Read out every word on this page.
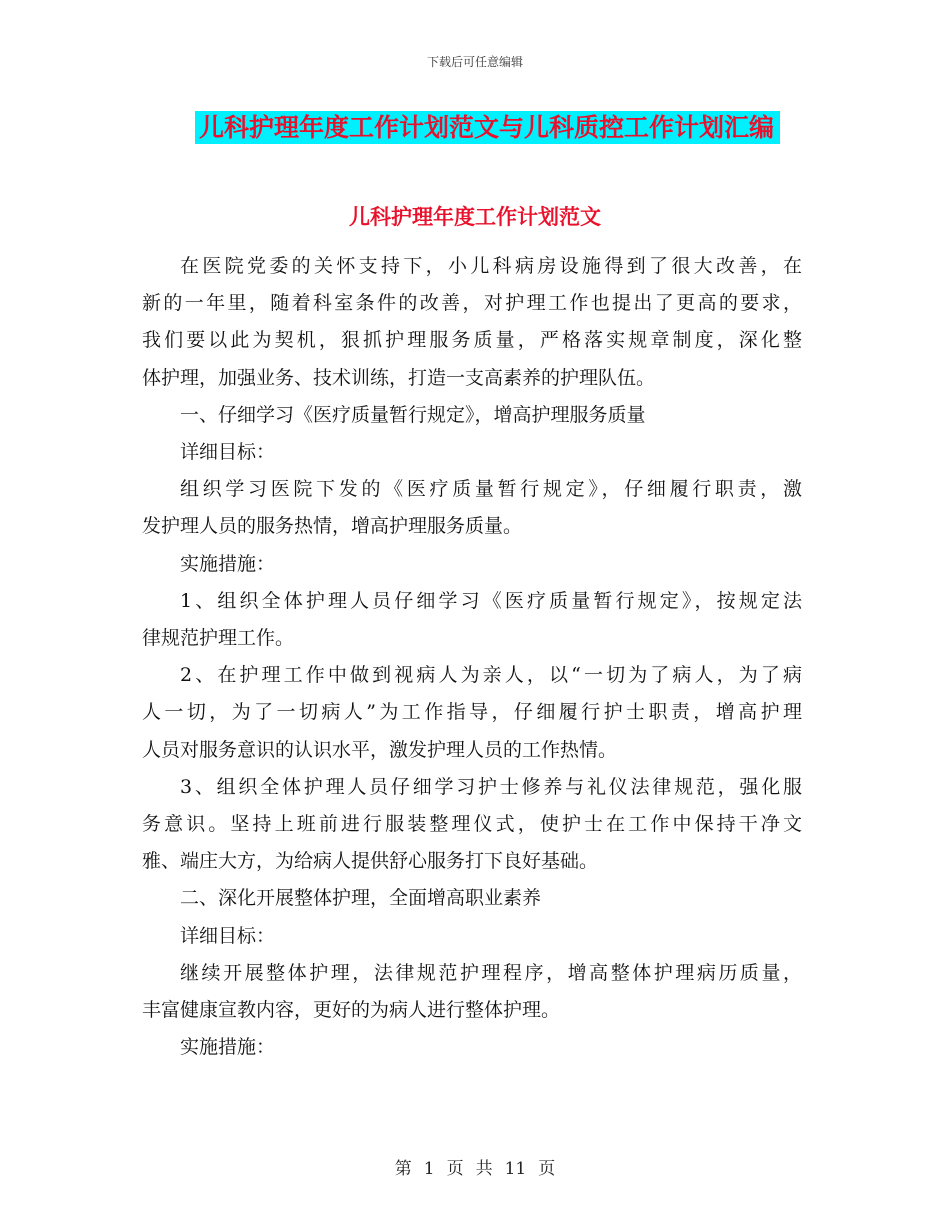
下载后可任意编辑
儿科护理年度工作计划范文与儿科质控工作计划汇编
儿科护理年度工作计划范文
在医院党委的关怀支持下，小儿科病房设施得到了很大改善，在
新的一年里，随着科室条件的改善，对护理工作也提出了更高的要求，
我们要以此为契机，狠抓护理服务质量，严格落实规章制度，深化整
体护理，加强业务、技术训练，打造一支高素养的护理队伍。
一、仔细学习《医疗质量暂行规定》，增高护理服务质量
详细目标：
组织学习医院下发的《医疗质量暂行规定》，仔细履行职责，激
发护理人员的服务热情，增高护理服务质量。
实施措施：
1、组织全体护理人员仔细学习《医疗质量暂行规定》，按规定法
律规范护理工作。
2、在护理工作中做到视病人为亲人，以“一切为了病人，为了病
人一切，为了一切病人”为工作指导，仔细履行护士职责，增高护理
人员对服务意识的认识水平，激发护理人员的工作热情。
3、组织全体护理人员仔细学习护士修养与礼仪法律规范，强化服
务意识。坚持上班前进行服装整理仪式，使护士在工作中保持干净文
雅、端庄大方，为给病人提供舒心服务打下良好基础。
二、深化开展整体护理，全面增高职业素养
详细目标：
继续开展整体护理，法律规范护理程序，增高整体护理病历质量，
丰富健康宣教内容，更好的为病人进行整体护理。
实施措施：
第 1 页 共 11 页
